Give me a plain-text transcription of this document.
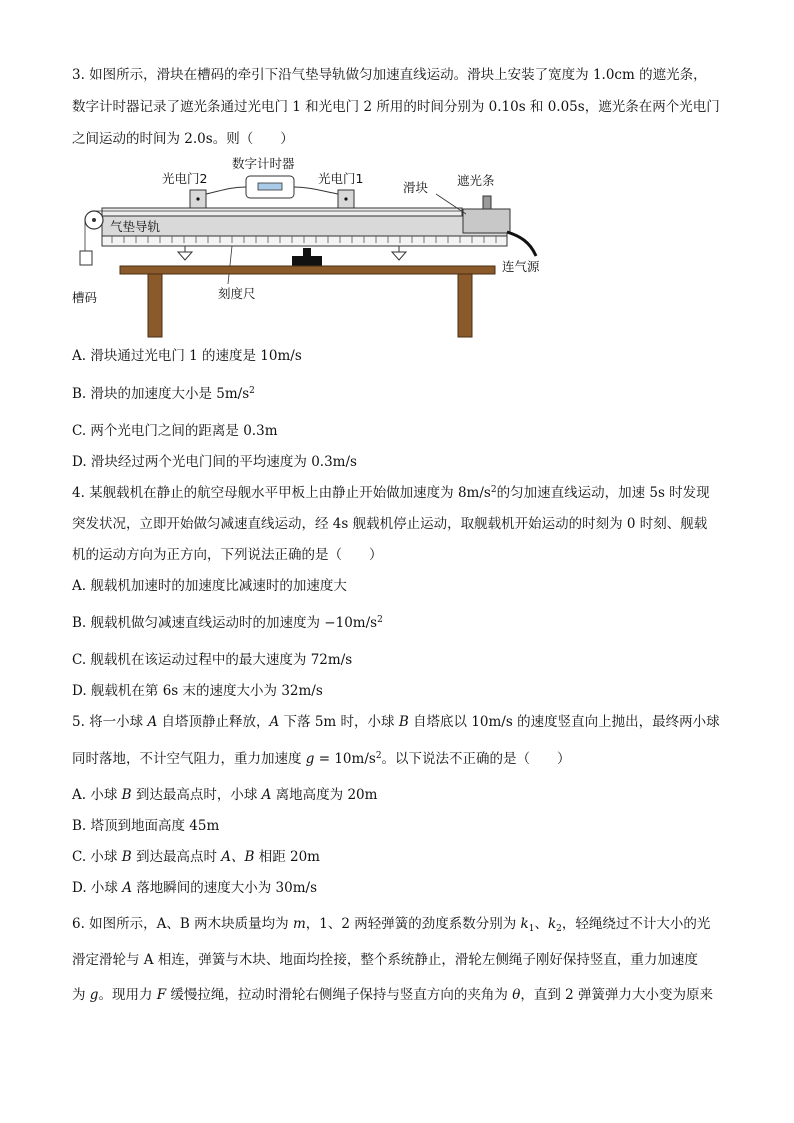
3. 如图所示，滑块在槽码的牵引下沿气垫导轨做匀加速直线运动。滑块上安装了宽度为 1.0cm 的遮光条，
数字计时器记录了遮光条通过光电门 1 和光电门 2 所用的时间分别为 0.10s 和 0.05s，遮光条在两个光电门
之间运动的时间为 2.0s。则（　　）
数字计时器
光电门2	光电门1
滑块 遮光条
连气源
槽码	刻度尺
气垫导轨
A. 滑块通过光电门 1 的速度是 10m/s
B. 滑块的加速度大小是 $5m/s^2$
C. 两个光电门之间的距离是 0.3m
D. 滑块经过两个光电门间的平均速度为 0.3m/s
4. 某舰载机在静止的航空母舰水平甲板上由静止开始做加速度为 $8m/s^2$的匀加速直线运动，加速 5s 时发现
突发状况，立即开始做匀减速直线运动，经 4s 舰载机停止运动，取舰载机开始运动的时刻为 0 时刻、舰载
机的运动方向为正方向，下列说法正确的是（　　）
A. 舰载机加速时的加速度比减速时的加速度大
B. 舰载机做匀减速直线运动时的加速度为 $-10m/s^2$
C. 舰载机在该运动过程中的最大速度为 72m/s
D. 舰载机在第 6s 末的速度大小为 32m/s
5. 将一小球 A 自塔顶静止释放，A 下落 5m 时，小球 B 自塔底以 10m/s 的速度竖直向上抛出，最终两小球
同时落地，不计空气阻力，重力加速度 $g = 10m/s^2$。以下说法不正确的是（　　）
A. 小球 B 到达最高点时，小球 A 离地高度为 20m
B. 塔顶到地面高度 45m
C. 小球 B 到达最高点时 A、B 相距 20m
D. 小球 A 落地瞬间的速度大小为 30m/s
6. 如图所示，A、B 两木块质量均为 m，1、2 两轻弹簧的劲度系数分别为 $k_1$、$k_2$，轻绳绕过不计大小的光
滑定滑轮与 A 相连，弹簧与木块、地面均拴接，整个系统静止，滑轮左侧绳子刚好保持竖直，重力加速度
为 g。现用力 F 缓慢拉绳，拉动时滑轮右侧绳子保持与竖直方向的夹角为 θ，直到 2 弹簧弹力大小变为原来
